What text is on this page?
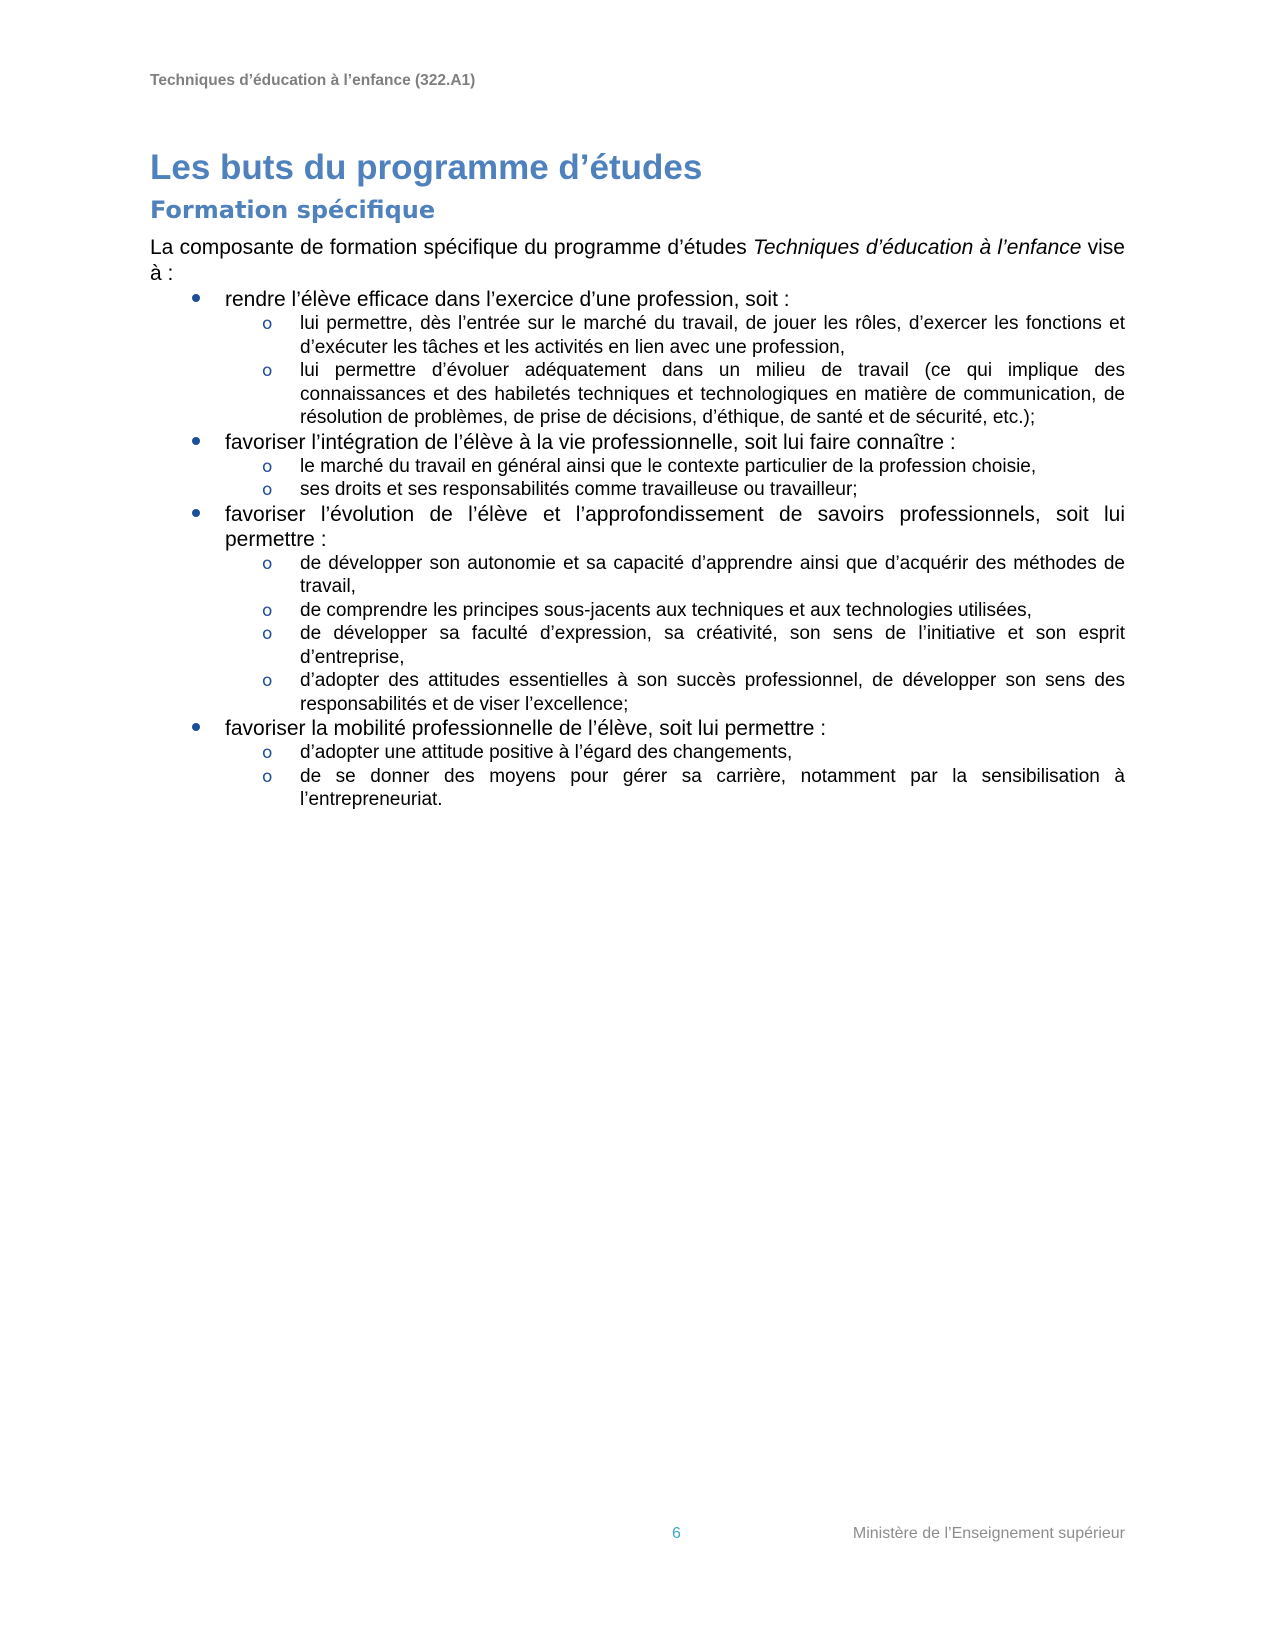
Techniques d’éducation à l’enfance (322.A1)
Les buts du programme d’études
Formation spécifique

La composante de formation spécifique du programme d’études Techniques d’éducation à l’enfance vise à :

rendre l’élève efficace dans l’exercice d’une profession, soit :
o lui permettre, dès l’entrée sur le marché du travail, de jouer les rôles, d’exercer les fonctions et d’exécuter les tâches et les activités en lien avec une profession,
o lui permettre d’évoluer adéquatement dans un milieu de travail (ce qui implique des connaissances et des habiletés techniques et technologiques en matière de communication, de résolution de problèmes, de prise de décisions, d’éthique, de santé et de sécurité, etc.);
favoriser l’intégration de l’élève à la vie professionnelle, soit lui faire connaître :
o le marché du travail en général ainsi que le contexte particulier de la profession choisie,
o ses droits et ses responsabilités comme travailleuse ou travailleur;
favoriser l’évolution de l’élève et l’approfondissement de savoirs professionnels, soit lui permettre :
o de développer son autonomie et sa capacité d’apprendre ainsi que d’acquérir des méthodes de travail,
o de comprendre les principes sous-jacents aux techniques et aux technologies utilisées,
o de développer sa faculté d’expression, sa créativité, son sens de l’initiative et son esprit d’entreprise,
o d’adopter des attitudes essentielles à son succès professionnel, de développer son sens des responsabilités et de viser l’excellence;
favoriser la mobilité professionnelle de l’élève, soit lui permettre :
o d’adopter une attitude positive à l’égard des changements,
o de se donner des moyens pour gérer sa carrière, notamment par la sensibilisation à l’entrepreneuriat.
6	Ministère de l’Enseignement supérieur
